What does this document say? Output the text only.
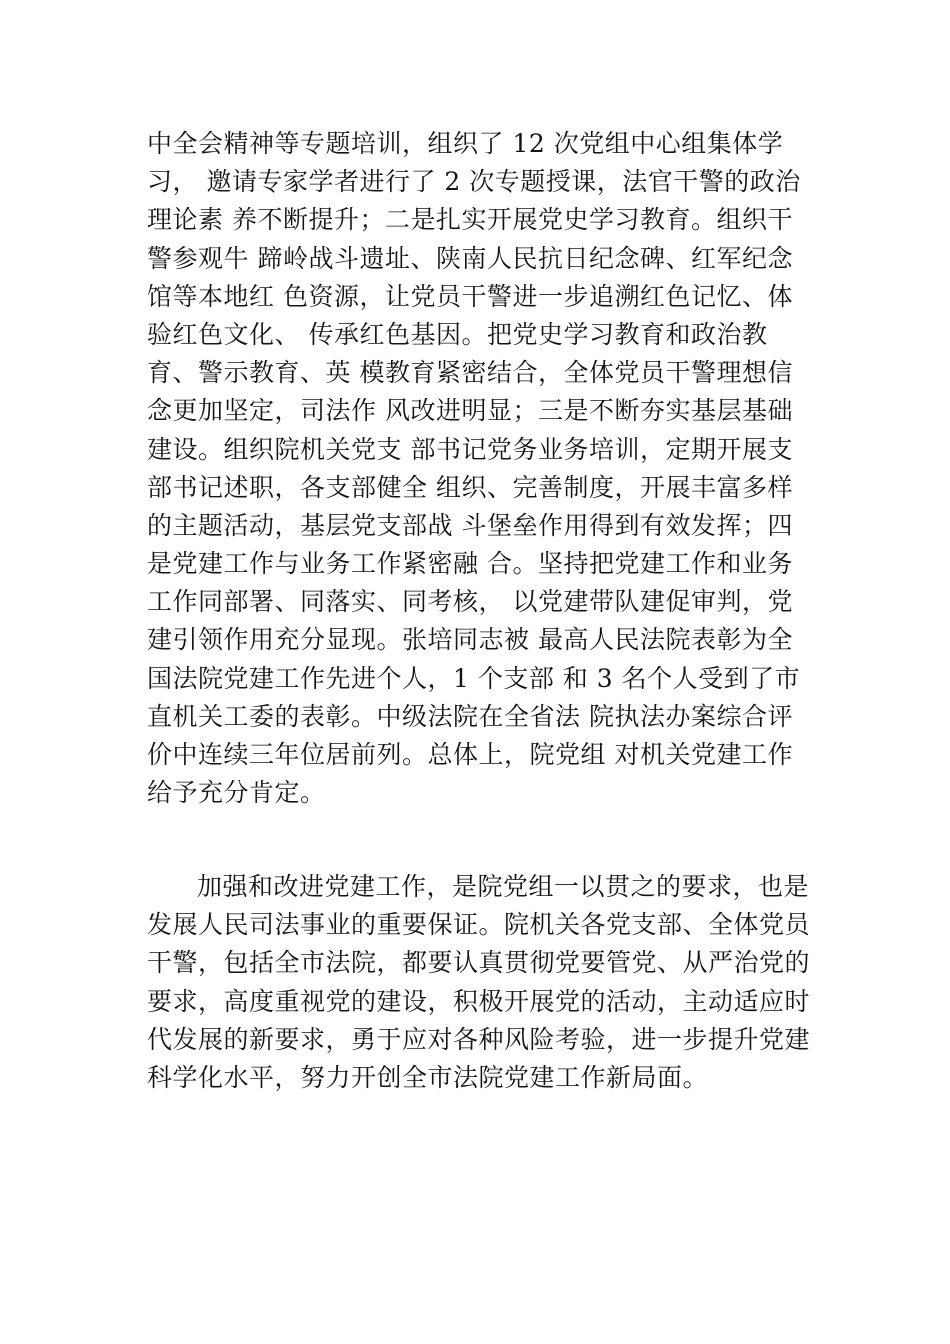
中全会精神等专题培训，组织了 12 次党组中心组集体学
习， 邀请专家学者进行了 2 次专题授课，法官干警的政治
理论素 养不断提升；二是扎实开展党史学习教育。组织干
警参观牛 蹄岭战斗遗址、陕南人民抗日纪念碑、红军纪念
馆等本地红 色资源，让党员干警进一步追溯红色记忆、体
验红色文化、 传承红色基因。把党史学习教育和政治教
育、警示教育、英 模教育紧密结合，全体党员干警理想信
念更加坚定，司法作 风改进明显；三是不断夯实基层基础
建设。组织院机关党支 部书记党务业务培训，定期开展支
部书记述职，各支部健全 组织、完善制度，开展丰富多样
的主题活动，基层党支部战 斗堡垒作用得到有效发挥；四
是党建工作与业务工作紧密融 合。坚持把党建工作和业务
工作同部署、同落实、同考核， 以党建带队建促审判，党
建引领作用充分显现。张培同志被 最高人民法院表彰为全
国法院党建工作先进个人，1 个支部 和 3 名个人受到了市
直机关工委的表彰。中级法院在全省法 院执法办案综合评
价中连续三年位居前列。总体上，院党组 对机关党建工作
给予充分肯定。

加强和改进党建工作，是院党组一以贯之的要求，也是
发展人民司法事业的重要保证。院机关各党支部、全体党员
干警，包括全市法院，都要认真贯彻党要管党、从严治党的
要求，高度重视党的建设，积极开展党的活动，主动适应时
代发展的新要求，勇于应对各种风险考验，进一步提升党建
科学化水平，努力开创全市法院党建工作新局面。
